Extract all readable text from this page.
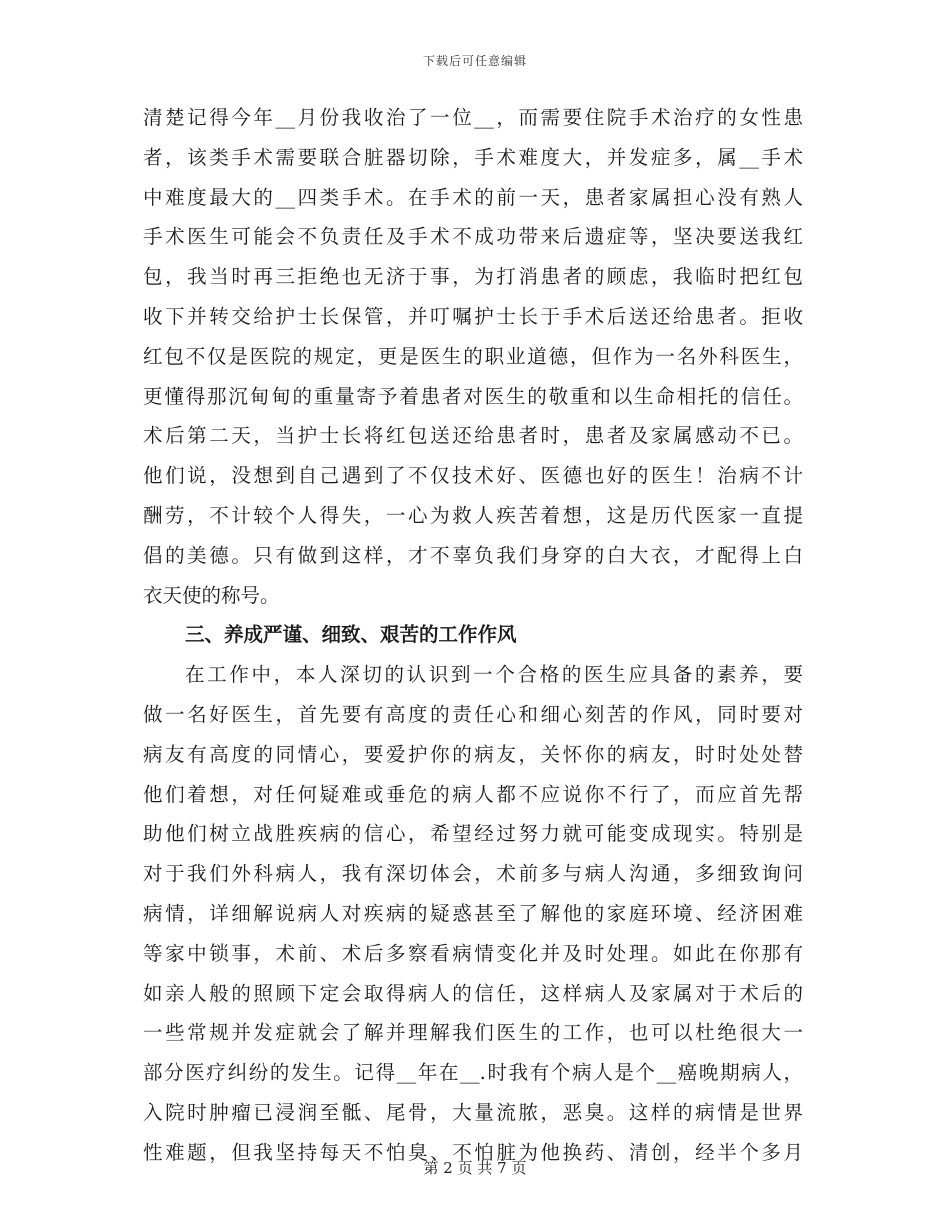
下载后可任意编辑
清楚记得今年__月份我收治了一位__，而需要住院手术治疗的女性患
者，该类手术需要联合脏器切除，手术难度大，并发症多，属__手术
中难度最大的__四类手术。在手术的前一天，患者家属担心没有熟人
手术医生可能会不负责任及手术不成功带来后遗症等，坚决要送我红
包，我当时再三拒绝也无济于事，为打消患者的顾虑，我临时把红包
收下并转交给护士长保管，并叮嘱护士长于手术后送还给患者。拒收
红包不仅是医院的规定，更是医生的职业道德，但作为一名外科医生，
更懂得那沉甸甸的重量寄予着患者对医生的敬重和以生命相托的信任。
术后第二天，当护士长将红包送还给患者时，患者及家属感动不已。
他们说，没想到自己遇到了不仅技术好、医德也好的医生！治病不计
酬劳，不计较个人得失，一心为救人疾苦着想，这是历代医家一直提
倡的美德。只有做到这样，才不辜负我们身穿的白大衣，才配得上白
衣天使的称号。
三、养成严谨、细致、艰苦的工作作风
在工作中，本人深切的认识到一个合格的医生应具备的素养，要
做一名好医生，首先要有高度的责任心和细心刻苦的作风，同时要对
病友有高度的同情心，要爱护你的病友，关怀你的病友，时时处处替
他们着想，对任何疑难或垂危的病人都不应说你不行了，而应首先帮
助他们树立战胜疾病的信心，希望经过努力就可能变成现实。特别是
对于我们外科病人，我有深切体会，术前多与病人沟通，多细致询问
病情，详细解说病人对疾病的疑惑甚至了解他的家庭环境、经济困难
等家中锁事，术前、术后多察看病情变化并及时处理。如此在你那有
如亲人般的照顾下定会取得病人的信任，这样病人及家属对于术后的
一些常规并发症就会了解并理解我们医生的工作，也可以杜绝很大一
部分医疗纠纷的发生。记得__年在__.时我有个病人是个__癌晚期病人，
入院时肿瘤已浸润至骶、尾骨，大量流脓，恶臭。这样的病情是世界
性难题，但我坚持每天不怕臭、不怕脏为他换药、清创，经半个多月
第 2 页 共 7 页
